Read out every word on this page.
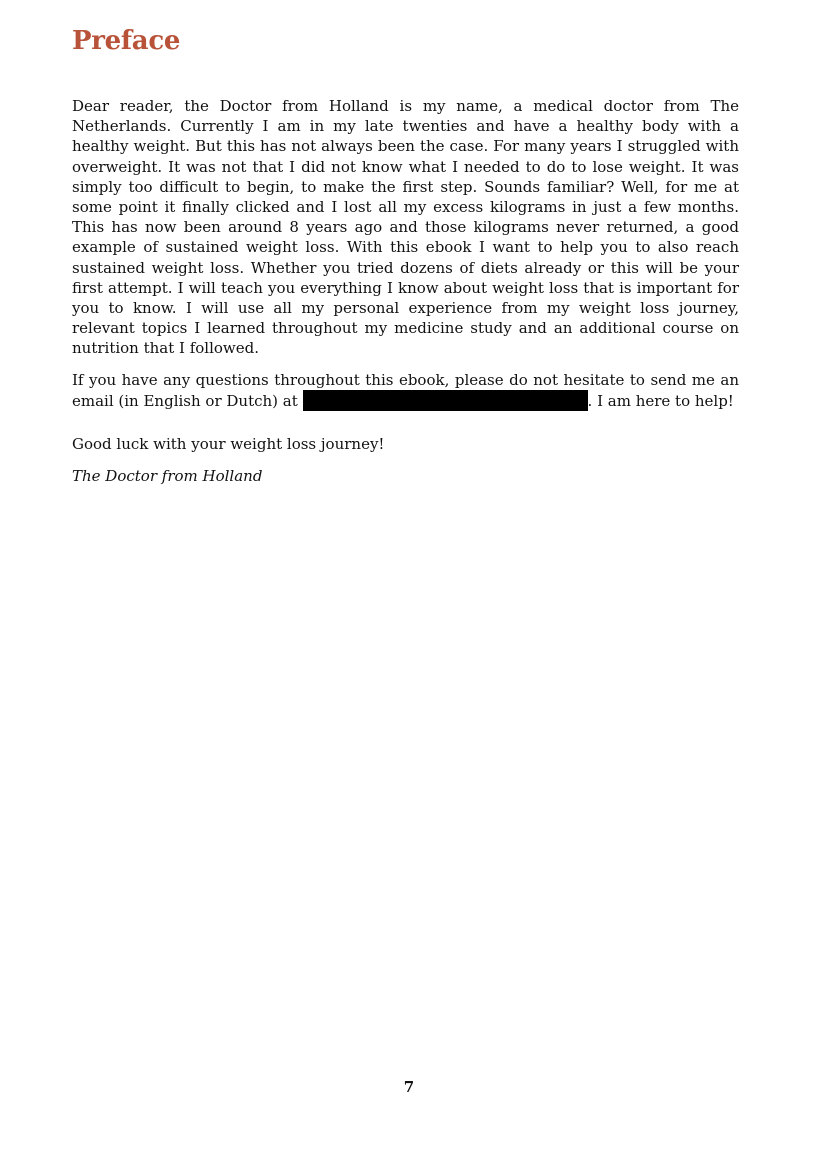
Preface

Dear reader, the Doctor from Holland is my name, a medical doctor from The Netherlands. Currently I am in my late twenties and have a healthy body with a healthy weight. But this has not always been the case. For many years I struggled with overweight. It was not that I did not know what I needed to do to lose weight. It was simply too difficult to begin, to make the first step. Sounds familiar? Well, for me at some point it finally clicked and I lost all my excess kilograms in just a few months. This has now been around 8 years ago and those kilograms never returned, a good example of sustained weight loss. With this ebook I want to help you to also reach sustained weight loss. Whether you tried dozens of diets already or this will be your first attempt. I will teach you everything I know about weight loss that is important for you to know. I will use all my personal experience from my weight loss journey, relevant topics I learned throughout my medicine study and an additional course on nutrition that I followed.

If you have any questions throughout this ebook, please do not hesitate to send me an email (in English or Dutch) at	. I am here to help!

Good luck with your weight loss journey!

The Doctor from Holland

7
